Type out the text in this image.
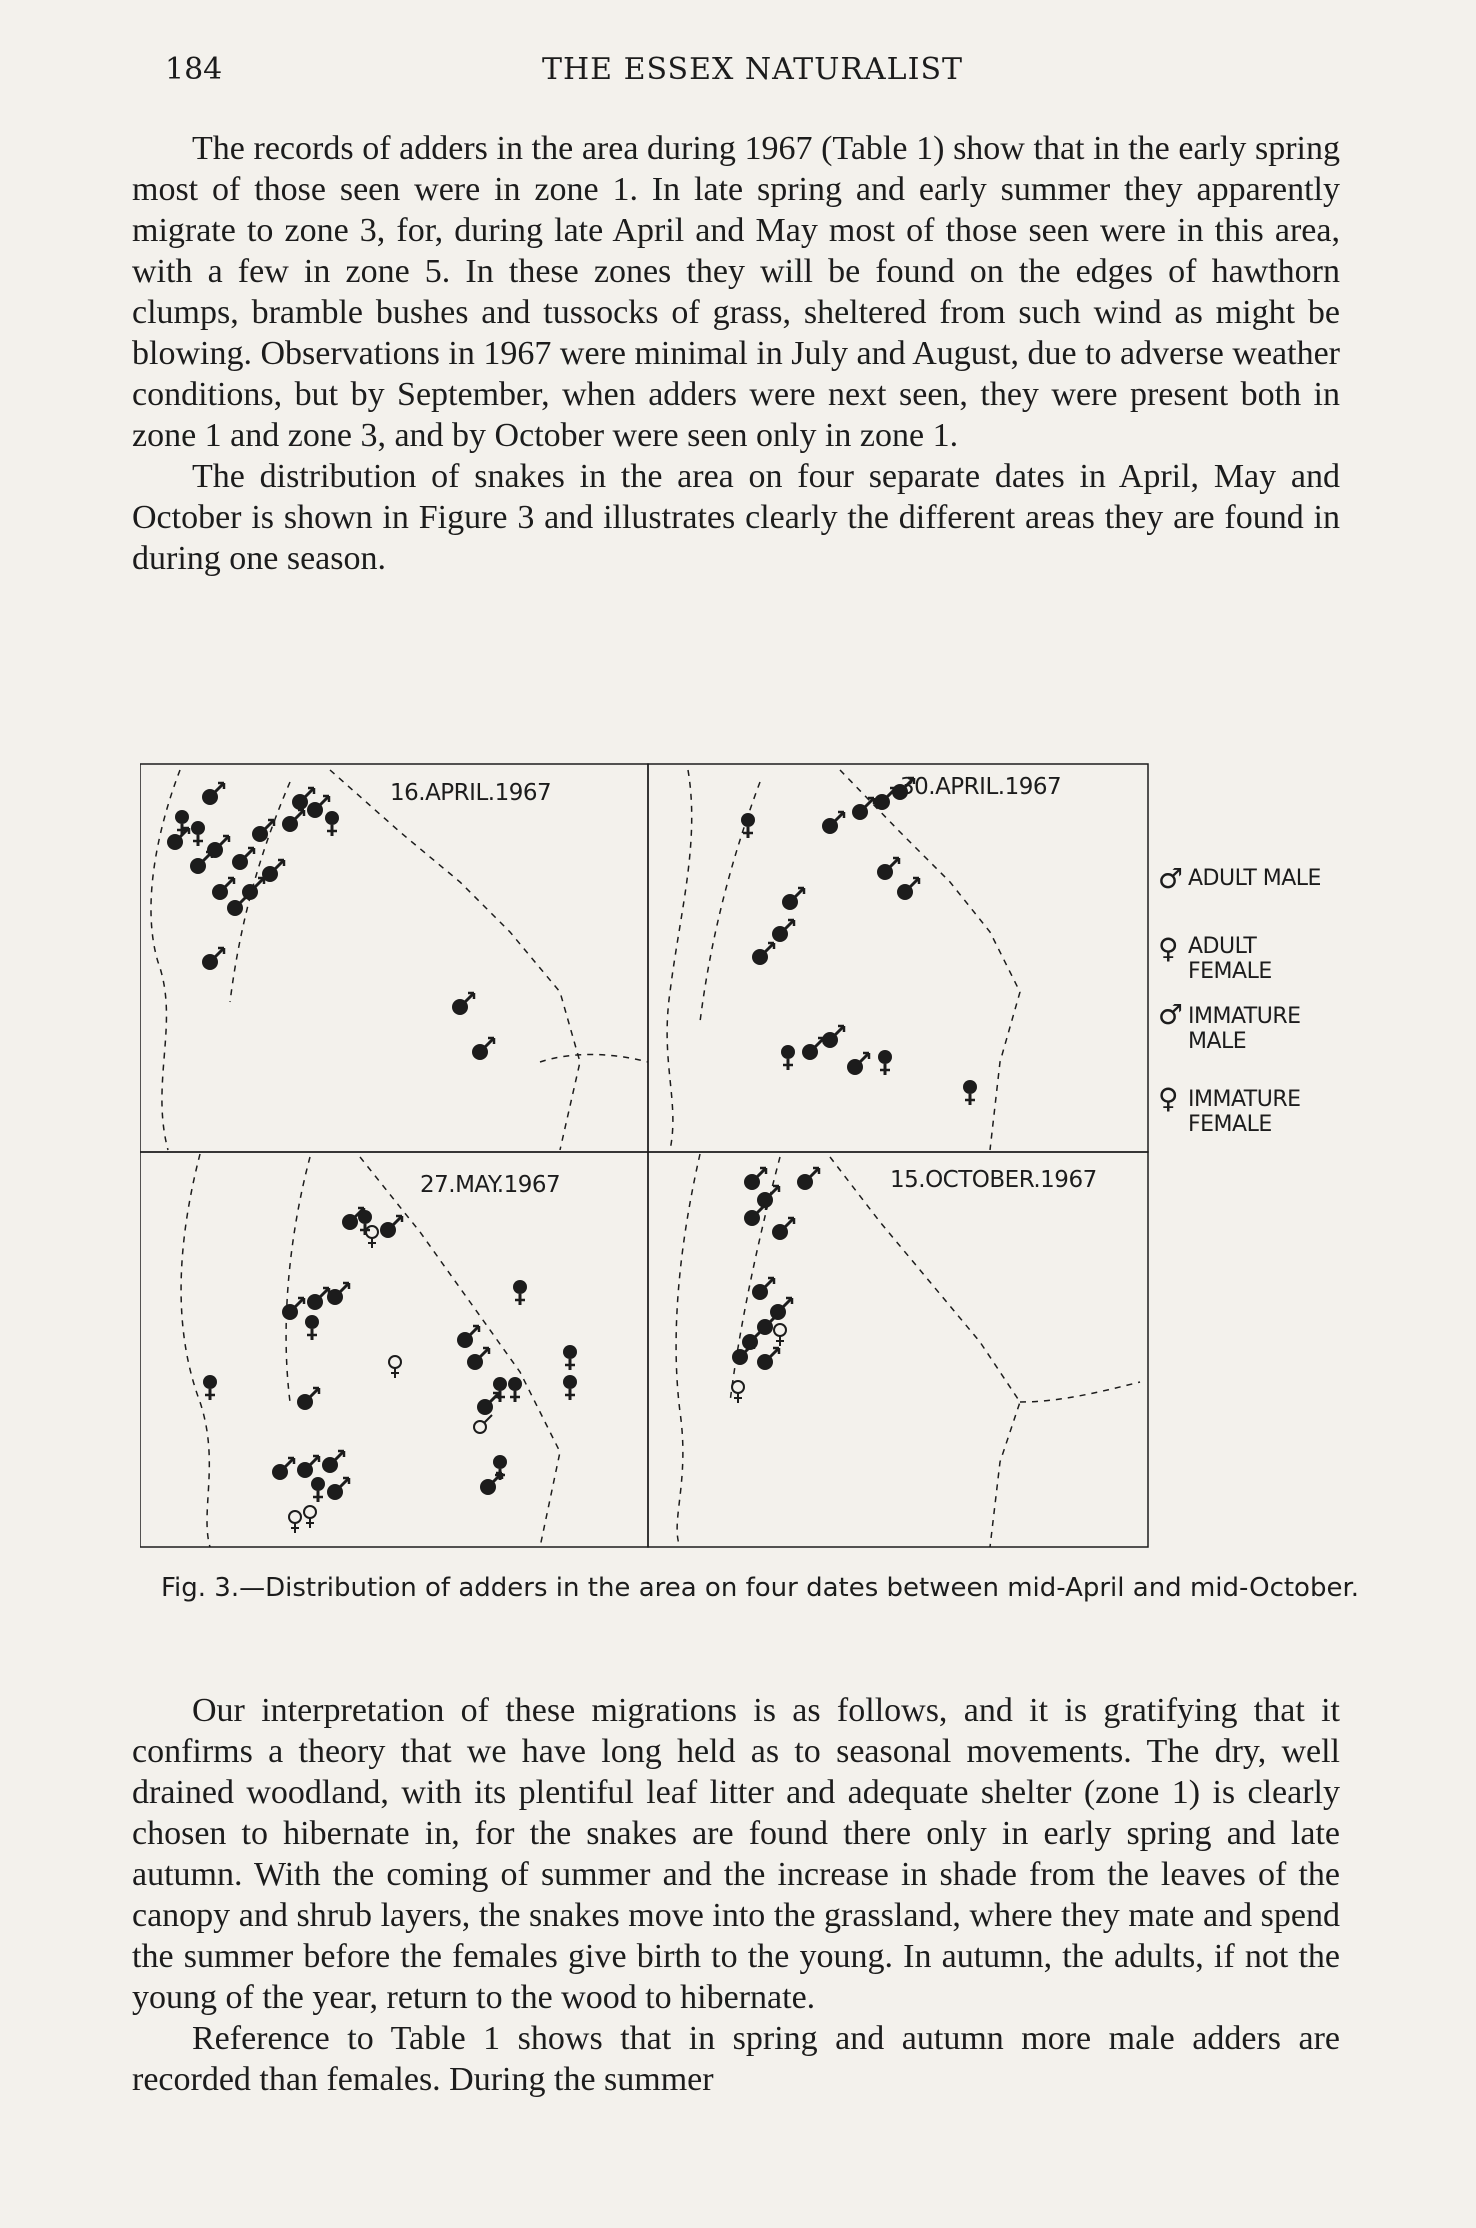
184	THE ESSEX NATURALIST

The records of adders in the area during 1967 (Table 1) show that in the early spring most of those seen were in zone 1. In late spring and early summer they apparently migrate to zone 3, for, during late April and May most of those seen were in this area, with a few in zone 5. In these zones they will be found on the edges of hawthorn clumps, bramble bushes and tussocks of grass, sheltered from such wind as might be blowing. Observations in 1967 were minimal in July and August, due to adverse weather conditions, but by September, when adders were next seen, they were present both in zone 1 and zone 3, and by October were seen only in zone 1.

The distribution of snakes in the area on four separate dates in April, May and October is shown in Figure 3 and illustrates clearly the different areas they are found in during one season.

16.APRIL.1967	30.APRIL.1967
27.MAY.1967	15.OCTOBER.1967
♂ ADULT MALE
♀ ADULT FEMALE
♂ IMMATURE MALE
♀ IMMATURE FEMALE
Fig. 3.—Distribution of adders in the area on four dates between mid-April and mid-October.

Our interpretation of these migrations is as follows, and it is gratifying that it confirms a theory that we have long held as to seasonal movements. The dry, well drained woodland, with its plentiful leaf litter and adequate shelter (zone 1) is clearly chosen to hibernate in, for the snakes are found there only in early spring and late autumn. With the coming of summer and the increase in shade from the leaves of the canopy and shrub layers, the snakes move into the grassland, where they mate and spend the summer before the females give birth to the young. In autumn, the adults, if not the young of the year, return to the wood to hibernate.

Reference to Table 1 shows that in spring and autumn more male adders are recorded than females. During the summer
